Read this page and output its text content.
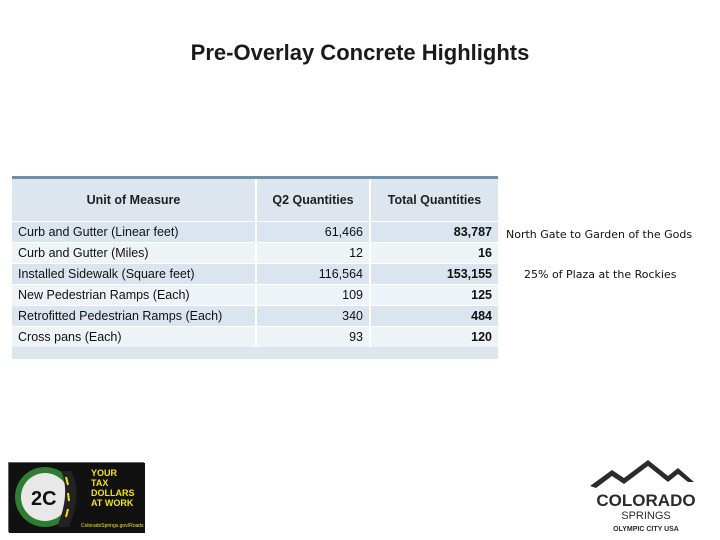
Pre-Overlay Concrete Highlights
Unit of Measure	Q2 Quantities	Total Quantities
Curb and Gutter (Linear feet)	61,466	83,787
Curb and Gutter (Miles)	12	16
Installed Sidewalk (Square feet)	116,564	153,155
New Pedestrian Ramps (Each)	109	125
Retrofitted Pedestrian Ramps (Each)	340	484
Cross pans (Each)	93	120
North Gate to Garden of the Gods
25% of Plaza at the Rockies
2C
YOUR
TAX
DOLLARS
AT WORK
ColoradoSprings.gov/Roads
COLORADO
SPRINGS
OLYMPIC CITY USA
